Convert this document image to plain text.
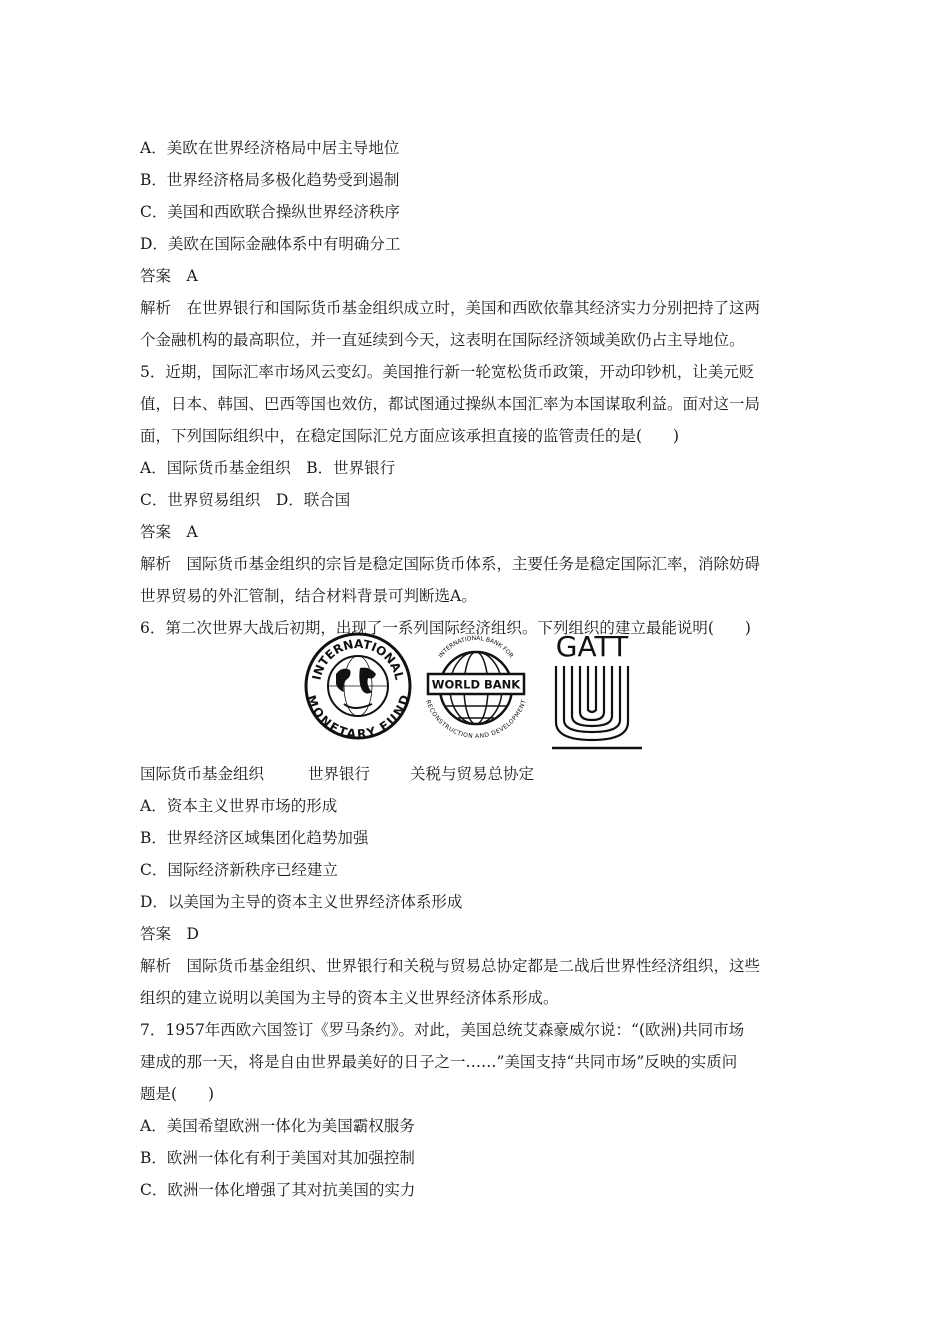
A．美欧在世界经济格局中居主导地位
B．世界经济格局多极化趋势受到遏制
C．美国和西欧联合操纵世界经济秩序
D．美欧在国际金融体系中有明确分工
答案　A
解析　在世界银行和国际货币基金组织成立时，美国和西欧依靠其经济实力分别把持了这两
个金融机构的最高职位，并一直延续到今天，这表明在国际经济领域美欧仍占主导地位。
5．近期，国际汇率市场风云变幻。美国推行新一轮宽松货币政策，开动印钞机，让美元贬
值，日本、韩国、巴西等国也效仿，都试图通过操纵本国汇率为本国谋取利益。面对这一局
面，下列国际组织中，在稳定国际汇兑方面应该承担直接的监管责任的是(　　)
A．国际货币基金组织　B．世界银行
C．世界贸易组织　D．联合国
答案　A
解析　国际货币基金组织的宗旨是稳定国际货币体系，主要任务是稳定国际汇率，消除妨碍
世界贸易的外汇管制，结合材料背景可判断选A。
6．第二次世界大战后初期，出现了一系列国际经济组织。下列组织的建立最能说明(　　)
INTERNATIONAL
MONETARY FUND
WORLD BANK
INTERNATIONAL BANK FOR
RECONSTRUCTION AND DEVELOPMENT
GATT
国际货币基金组织	世界银行	关税与贸易总协定
A．资本主义世界市场的形成
B．世界经济区域集团化趋势加强
C．国际经济新秩序已经建立
D．以美国为主导的资本主义世界经济体系形成
答案　D
解析　国际货币基金组织、世界银行和关税与贸易总协定都是二战后世界性经济组织，这些
组织的建立说明以美国为主导的资本主义世界经济体系形成。
7．1957年西欧六国签订《罗马条约》。对此，美国总统艾森豪威尔说：“(欧洲)共同市场
建成的那一天，将是自由世界最美好的日子之一……”美国支持“共同市场”反映的实质问
题是(　　)
A．美国希望欧洲一体化为美国霸权服务
B．欧洲一体化有利于美国对其加强控制
C．欧洲一体化增强了其对抗美国的实力
